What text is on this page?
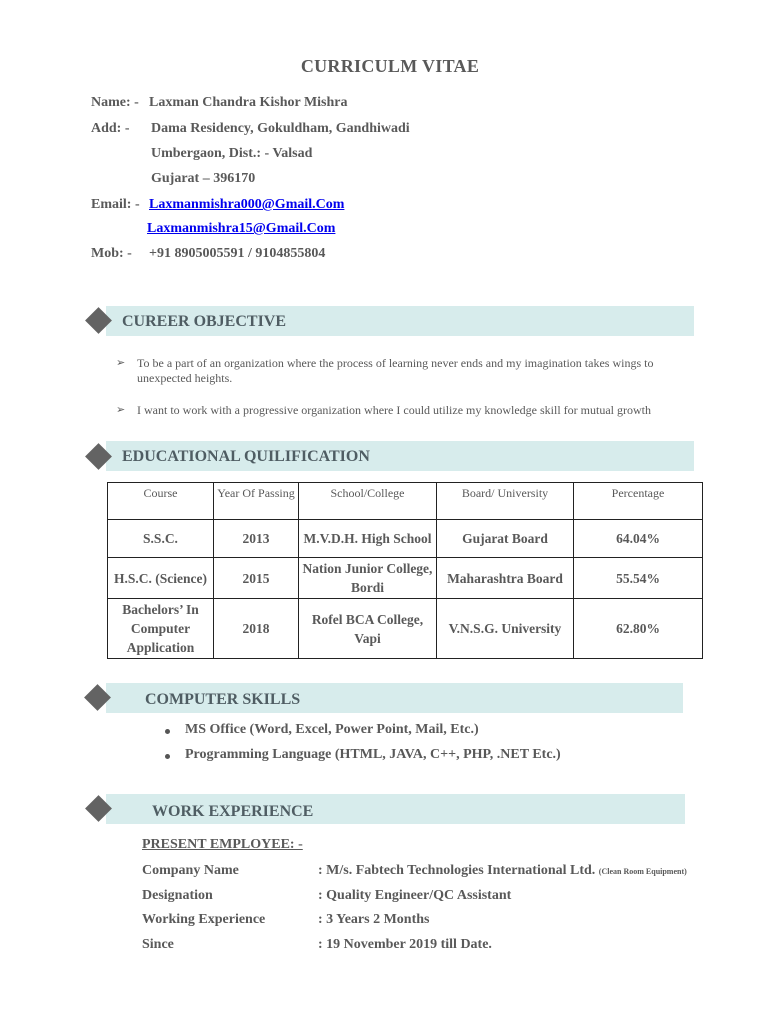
CURRICULM VITAE
Name: - Laxman Chandra Kishor Mishra
Add: - Dama Residency, Gokuldham, Gandhiwadi
Umbergaon, Dist.: - Valsad
Gujarat – 396170
Email: - Laxmanmishra000@Gmail.Com
Laxmanmishra15@Gmail.Com
Mob: - +91 8905005591 / 9104855804
CUREER OBJECTIVE
➢ To be a part of an organization where the process of learning never ends and my imagination takes wings to unexpected heights.
➢ I want to work with a progressive organization where I could utilize my knowledge skill for mutual growth
EDUCATIONAL QUILIFICATION
Course	Year Of Passing	School/College	Board/ University	Percentage
S.S.C.	2013	M.V.D.H. High School	Gujarat Board	64.04%
H.S.C. (Science)	2015	Nation Junior College, Bordi	Maharashtra Board	55.54%
Bachelors’ In Computer Application	2018	Rofel BCA College, Vapi	V.N.S.G. University	62.80%
COMPUTER SKILLS
MS Office (Word, Excel, Power Point, Mail, Etc.)
Programming Language (HTML, JAVA, C++, PHP, .NET Etc.)
WORK EXPERIENCE
PRESENT EMPLOYEE: -
Company Name	: M/s. Fabtech Technologies International Ltd. (Clean Room Equipment)
Designation	: Quality Engineer/QC Assistant
Working Experience	: 3 Years 2 Months
Since	: 19 November 2019 till Date.
